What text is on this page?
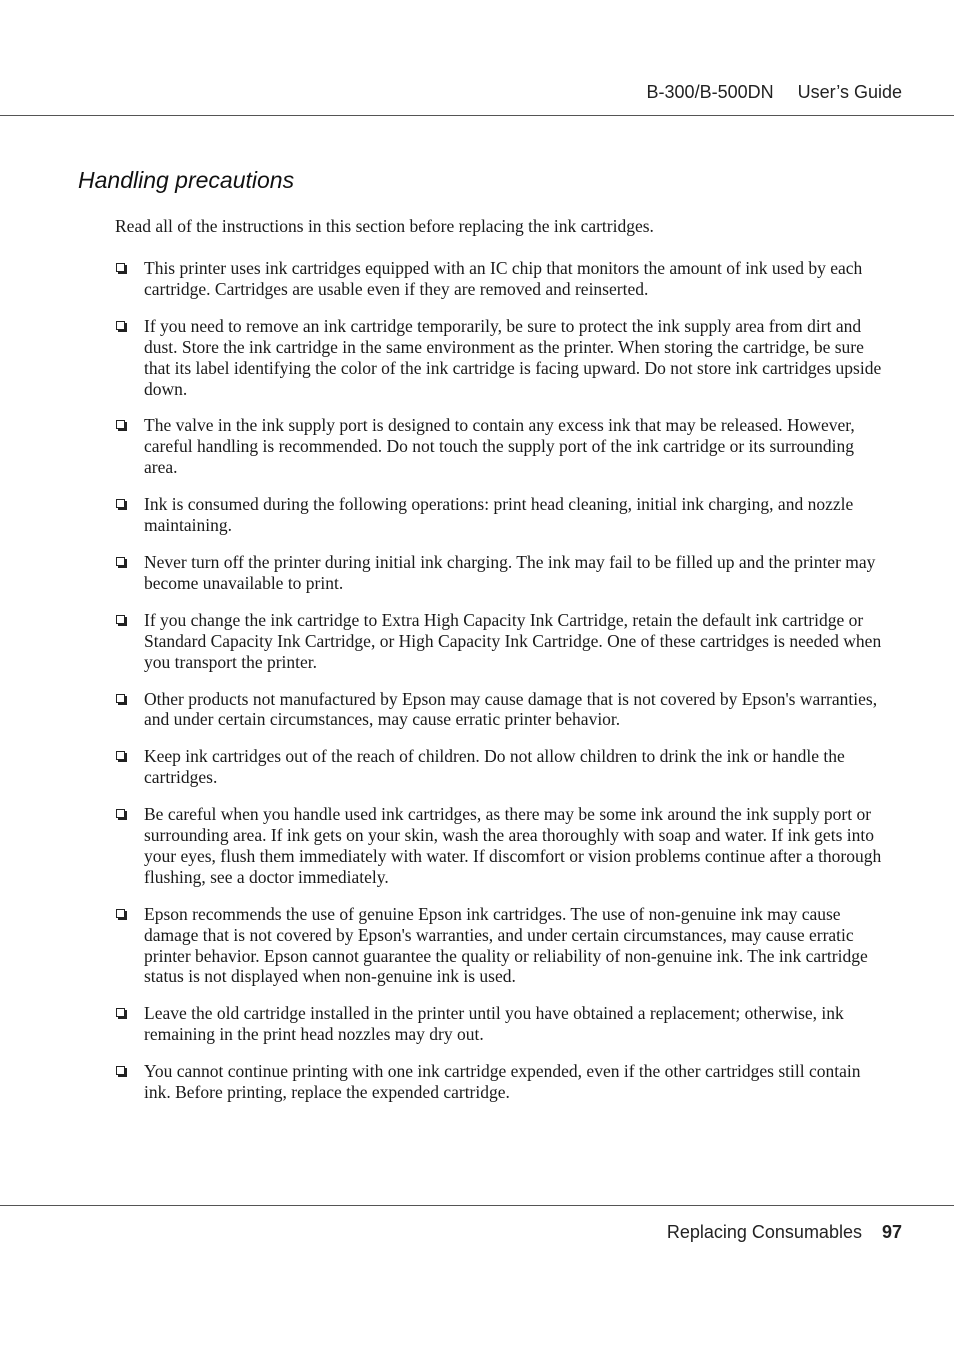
B-300/B-500DN User’s Guide
Handling precautions

Read all of the instructions in this section before replacing the ink cartridges.

This printer uses ink cartridges equipped with an IC chip that monitors the amount of ink used by each cartridge. Cartridges are usable even if they are removed and reinserted.
If you need to remove an ink cartridge temporarily, be sure to protect the ink supply area from dirt and dust. Store the ink cartridge in the same environment as the printer. When storing the cartridge, be sure that its label identifying the color of the ink cartridge is facing upward. Do not store ink cartridges upside down.
The valve in the ink supply port is designed to contain any excess ink that may be released. However, careful handling is recommended. Do not touch the supply port of the ink cartridge or its surrounding area.
Ink is consumed during the following operations: print head cleaning, initial ink charging, and nozzle maintaining.
Never turn off the printer during initial ink charging. The ink may fail to be filled up and the printer may become unavailable to print.
If you change the ink cartridge to Extra High Capacity Ink Cartridge, retain the default ink cartridge or Standard Capacity Ink Cartridge, or High Capacity Ink Cartridge. One of these cartridges is needed when you transport the printer.
Other products not manufactured by Epson may cause damage that is not covered by Epson's warranties, and under certain circumstances, may cause erratic printer behavior.
Keep ink cartridges out of the reach of children. Do not allow children to drink the ink or handle the cartridges.
Be careful when you handle used ink cartridges, as there may be some ink around the ink supply port or surrounding area. If ink gets on your skin, wash the area thoroughly with soap and water. If ink gets into your eyes, flush them immediately with water. If discomfort or vision problems continue after a thorough flushing, see a doctor immediately.
Epson recommends the use of genuine Epson ink cartridges. The use of non-genuine ink may cause damage that is not covered by Epson's warranties, and under certain circumstances, may cause erratic printer behavior. Epson cannot guarantee the quality or reliability of non-genuine ink. The ink cartridge status is not displayed when non-genuine ink is used.
Leave the old cartridge installed in the printer until you have obtained a replacement; otherwise, ink remaining in the print head nozzles may dry out.
You cannot continue printing with one ink cartridge expended, even if the other cartridges still contain ink. Before printing, replace the expended cartridge.
Replacing Consumables 97
